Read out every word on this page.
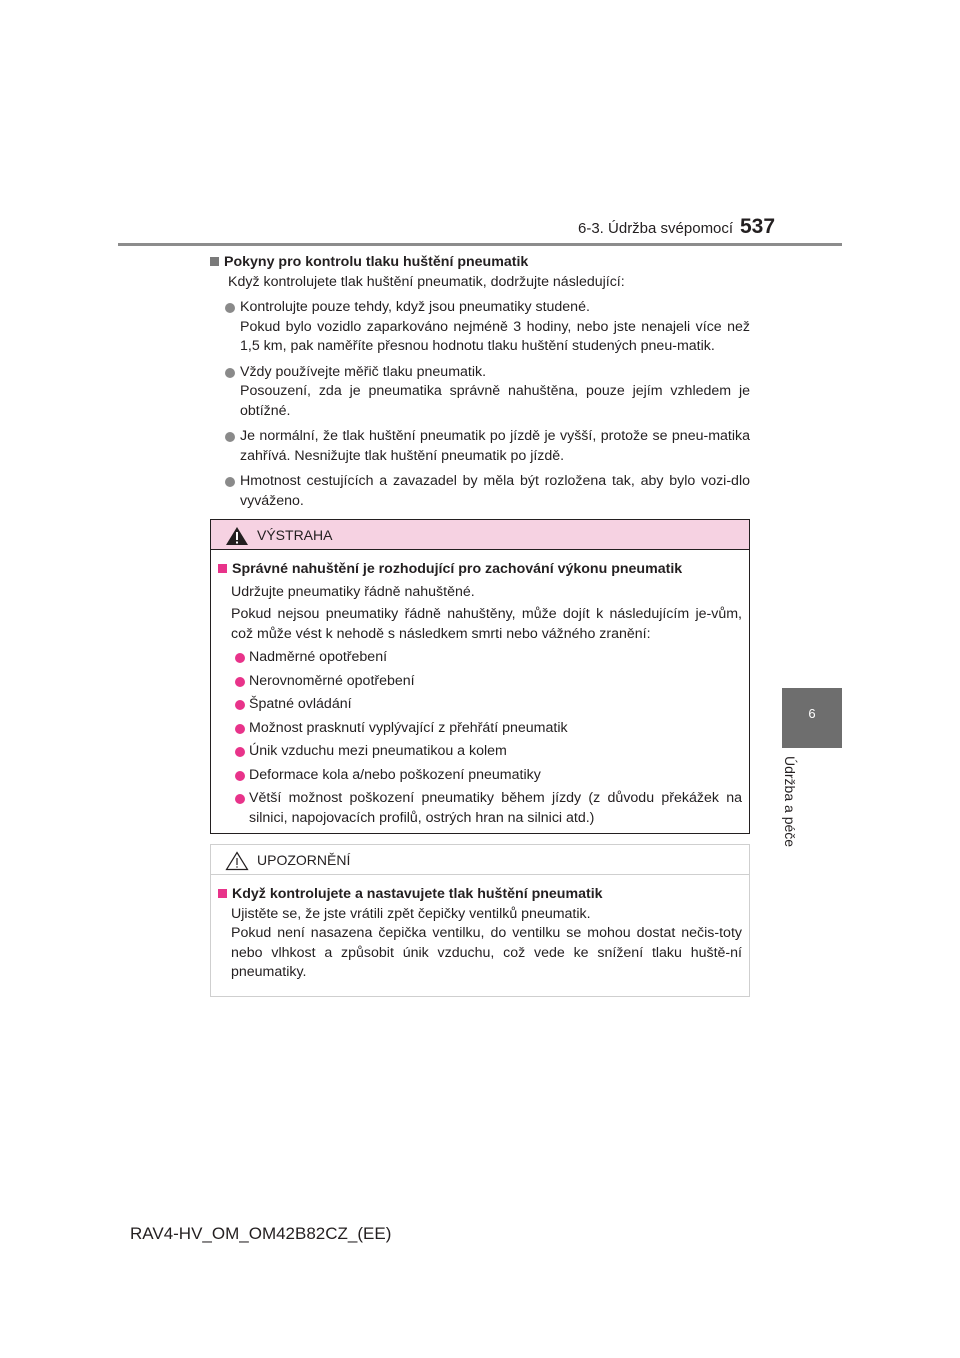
6-3. Údržba svépomocí 537
6
Údržba a péče
Pokyny pro kontrolu tlaku huštění pneumatik
Když kontrolujete tlak huštění pneumatik, dodržujte následující:
Kontrolujte pouze tehdy, když jsou pneumatiky studené.
Pokud bylo vozidlo zaparkováno nejméně 3 hodiny, nebo jste nenajeli více než 1,5 km, pak naměříte přesnou hodnotu tlaku huštění studených pneu-matik.
Vždy používejte měřič tlaku pneumatik.
Posouzení, zda je pneumatika správně nahuštěna, pouze jejím vzhledem je obtížné.
Je normální, že tlak huštění pneumatik po jízdě je vyšší, protože se pneu-matika zahřívá. Nesnižujte tlak huštění pneumatik po jízdě.
Hmotnost cestujících a zavazadel by měla být rozložena tak, aby bylo vozi-dlo vyváženo.
VÝSTRAHA
Správné nahuštění je rozhodující pro zachování výkonu pneumatik
Udržujte pneumatiky řádně nahuštěné.
Pokud nejsou pneumatiky řádně nahuštěny, může dojít k následujícím je-vům, což může vést k nehodě s následkem smrti nebo vážného zranění:
Nadměrné opotřebení
Nerovnoměrné opotřebení
Špatné ovládání
Možnost prasknutí vyplývající z přehřátí pneumatik
Únik vzduchu mezi pneumatikou a kolem
Deformace kola a/nebo poškození pneumatiky
Větší možnost poškození pneumatiky během jízdy (z důvodu překážek na silnici, napojovacích profilů, ostrých hran na silnici atd.)
UPOZORNĚNÍ
Když kontrolujete a nastavujete tlak huštění pneumatik
Ujistěte se, že jste vrátili zpět čepičky ventilků pneumatik.
Pokud není nasazena čepička ventilku, do ventilku se mohou dostat nečis-toty nebo vlhkost a způsobit únik vzduchu, což vede ke snížení tlaku huště-ní pneumatiky.
RAV4-HV_OM_OM42B82CZ_(EE)
